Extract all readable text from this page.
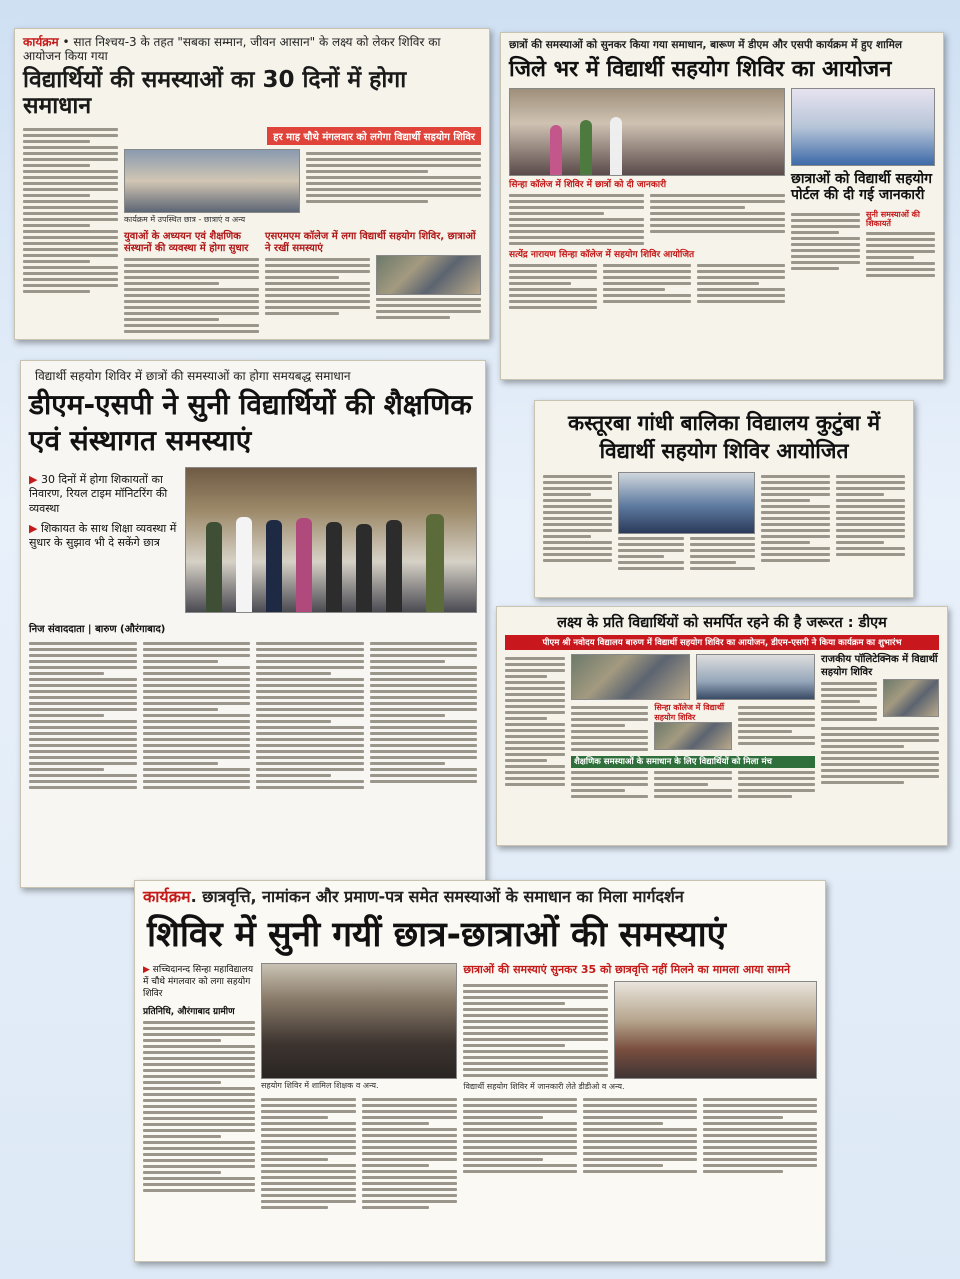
कार्यक्रम • सात निश्चय-3 के तहत "सबका सम्मान, जीवन आसान" के लक्ष्य को लेकर शिविर का आयोजन किया गया
विद्यार्थियों की समस्याओं का 30 दिनों में होगा समाधान
हर माह चौथे मंगलवार को लगेगा विद्यार्थी सहयोग शिविर
कार्यक्रम में उपस्थित छात्र - छात्राएं व अन्य
युवाओं के अध्ययन एवं शैक्षणिक संस्थानों की व्यवस्था में होगा सुधार
एसएमएम कॉलेज में लगा विद्यार्थी सहयोग शिविर, छात्राओं ने रखीं समस्याएं
छात्रों की समस्याओं को सुनकर किया गया समाधान, बारूण में डीएम और एसपी कार्यक्रम में हुए शामिल
जिले भर में विद्यार्थी सहयोग शिविर का आयोजन
सिन्हा कॉलेज में शिविर में छात्रों को दी जानकारी
सत्येंद्र नारायण सिन्हा कॉलेज में सहयोग शिविर आयोजित
छात्राओं को विद्यार्थी सहयोग पोर्टल की दी गई जानकारी
सुनी समस्याओं की शिकायतें
विद्यार्थी सहयोग शिविर में छात्रों की समस्याओं का होगा समयबद्ध समाधान
डीएम-एसपी ने सुनी विद्यार्थियों की शैक्षणिक एवं संस्थागत समस्याएं
▶ 30 दिनों में होगा शिकायतों का निवारण, रियल टाइम मॉनिटरिंग की व्यवस्था
▶ शिकायत के साथ शिक्षा व्यवस्था में सुधार के सुझाव भी दे सकेंगे छात्र
निज संवाददाता | बारुण (औरंगाबाद)
कस्तूरबा गांधी बालिका विद्यालय कुटुंबा में विद्यार्थी सहयोग शिविर आयोजित
लक्ष्य के प्रति विद्यार्थियों को समर्पित रहने की है जरूरत : डीएम
पीएम श्री नवोदय विद्यालय बारुण में विद्यार्थी सहयोग शिविर का आयोजन, डीएम-एसपी ने किया कार्यक्रम का शुभारंभ
सिन्हा कॉलेज में विद्यार्थी सहयोग शिविर
शैक्षणिक समस्याओं के समाधान के लिए विद्यार्थियों को मिला मंच
राजकीय पॉलिटेक्निक में विद्यार्थी सहयोग शिविर
कार्यक्रम. छात्रवृत्ति, नामांकन और प्रमाण-पत्र समेत समस्याओं के समाधान का मिला मार्गदर्शन
शिविर में सुनी गयीं छात्र-छात्राओं की समस्याएं
▶ सच्चिदानन्द सिन्हा महाविद्यालय में चौथे मंगलवार को लगा सहयोग शिविर
प्रतिनिधि, औरंगाबाद ग्रामीण
सहयोग शिविर में शामिल शिक्षक व अन्य.
छात्राओं की समस्याएं सुनकर 35 को छात्रवृत्ति नहीं मिलने का मामला आया सामने
विद्यार्थी सहयोग शिविर में जानकारी लेते डीडीओ व अन्य.
